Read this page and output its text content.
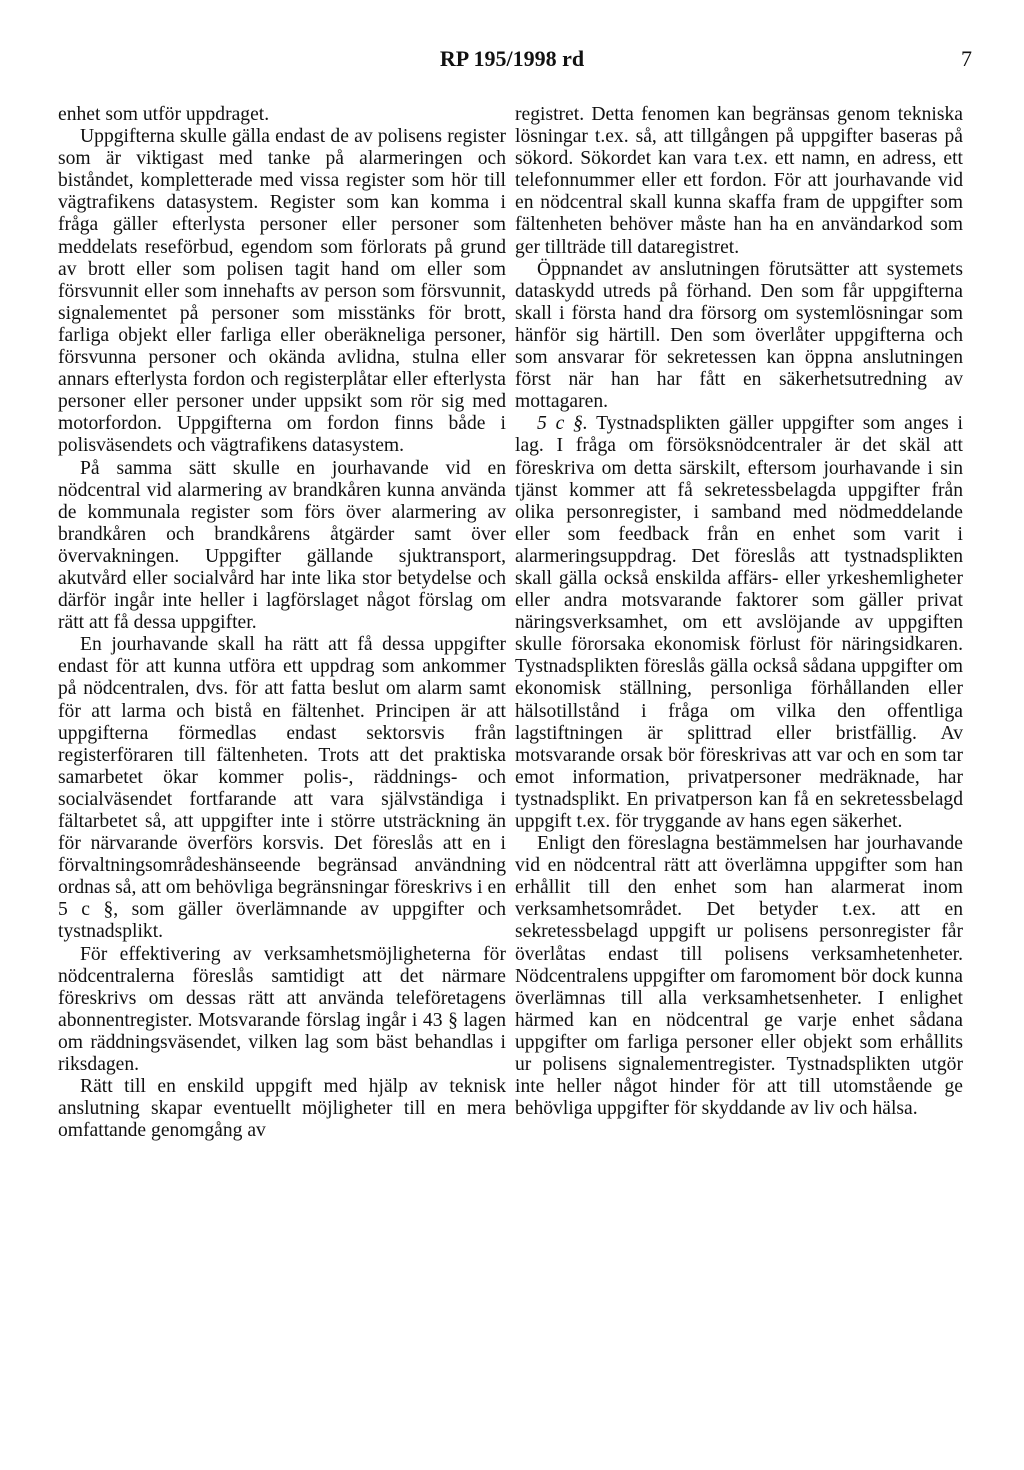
RP 195/1998 rd	7

enhet som utför uppdraget.

Uppgifterna skulle gälla endast de av polisens register som är viktigast med tanke på alarmeringen och biståndet, kompletterade med vissa register som hör till vägtrafikens datasystem. Register som kan komma i fråga gäller efterlysta personer eller personer som meddelats reseförbud, egendom som förlorats på grund av brott eller som polisen tagit hand om eller som försvunnit eller som innehafts av person som försvunnit, signalementet på personer som misstänks för brott, farliga objekt eller farliga eller oberäkneliga personer, försvunna personer och okända avlidna, stulna eller annars efterlysta fordon och registerplåtar eller efterlysta personer eller personer under uppsikt som rör sig med motorfordon. Uppgifterna om fordon finns både i polisväsendets och vägtrafikens datasystem.

På samma sätt skulle en jourhavande vid en nödcentral vid alarmering av brandkåren kunna använda de kommunala register som förs över alarmering av brandkåren och brandkårens åtgärder samt över övervakningen. Uppgifter gällande sjuktransport, akutvård eller socialvård har inte lika stor betydelse och därför ingår inte heller i lagförslaget något förslag om rätt att få dessa uppgifter.

En jourhavande skall ha rätt att få dessa uppgifter endast för att kunna utföra ett uppdrag som ankommer på nödcentralen, dvs. för att fatta beslut om alarm samt för att larma och bistå en fältenhet. Principen är att uppgifterna förmedlas endast sektorsvis från registerföraren till fältenheten. Trots att det praktiska samarbetet ökar kommer polis-, räddnings- och socialväsendet fortfarande att vara självständiga i fältarbetet så, att uppgifter inte i större utsträckning än för närvarande överförs korsvis. Det föreslås att en i förvaltningsområdeshänseende begränsad användning ordnas så, att om behövliga begränsningar föreskrivs i en 5 c §, som gäller överlämnande av uppgifter och tystnadsplikt.

För effektivering av verksamhetsmöjligheterna för nödcentralerna föreslås samtidigt att det närmare föreskrivs om dessas rätt att använda teleföretagens abonnentregister. Motsvarande förslag ingår i 43 § lagen om räddningsväsendet, vilken lag som bäst behandlas i riksdagen.

Rätt till en enskild uppgift med hjälp av teknisk anslutning skapar eventuellt möjligheter till en mera omfattande genomgång av

registret. Detta fenomen kan begränsas genom tekniska lösningar t.ex. så, att tillgången på uppgifter baseras på sökord. Sökordet kan vara t.ex. ett namn, en adress, ett telefonnummer eller ett fordon. För att jourhavande vid en nödcentral skall kunna skaffa fram de uppgifter som fältenheten behöver måste han ha en användarkod som ger tillträde till dataregistret.

Öppnandet av anslutningen förutsätter att systemets dataskydd utreds på förhand. Den som får uppgifterna skall i första hand dra försorg om systemlösningar som hänför sig härtill. Den som överlåter uppgifterna och som ansvarar för sekretessen kan öppna anslutningen först när han har fått en säkerhetsutredning av mottagaren.

5 c §. Tystnadsplikten gäller uppgifter som anges i lag. I fråga om försöksnödcentraler är det skäl att föreskriva om detta särskilt, eftersom jourhavande i sin tjänst kommer att få sekretessbelagda uppgifter från olika personregister, i samband med nödmeddelande eller som feedback från en enhet som varit i alarmeringsuppdrag. Det föreslås att tystnadsplikten skall gälla också enskilda affärs- eller yrkeshemligheter eller andra motsvarande faktorer som gäller privat näringsverksamhet, om ett avslöjande av uppgiften skulle förorsaka ekonomisk förlust för näringsidkaren. Tystnadsplikten föreslås gälla också sådana uppgifter om ekonomisk ställning, personliga förhållanden eller hälsotillstånd i fråga om vilka den offentliga lagstiftningen är splittrad eller bristfällig. Av motsvarande orsak bör föreskrivas att var och en som tar emot information, privatpersoner medräknade, har tystnadsplikt. En privatperson kan få en sekretessbelagd uppgift t.ex. för tryggande av hans egen säkerhet.

Enligt den föreslagna bestämmelsen har jourhavande vid en nödcentral rätt att överlämna uppgifter som han erhållit till den enhet som han alarmerat inom verksamhetsområdet. Det betyder t.ex. att en sekretessbelagd uppgift ur polisens personregister får överlåtas endast till polisens verksamhetenheter. Nödcentralens uppgifter om faromoment bör dock kunna överlämnas till alla verksamhetsenheter. I enlighet härmed kan en nödcentral ge varje enhet sådana uppgifter om farliga personer eller objekt som erhållits ur polisens signalementregister. Tystnadsplikten utgör inte heller något hinder för att till utomstående ge behövliga uppgifter för skyddande av liv och hälsa.
